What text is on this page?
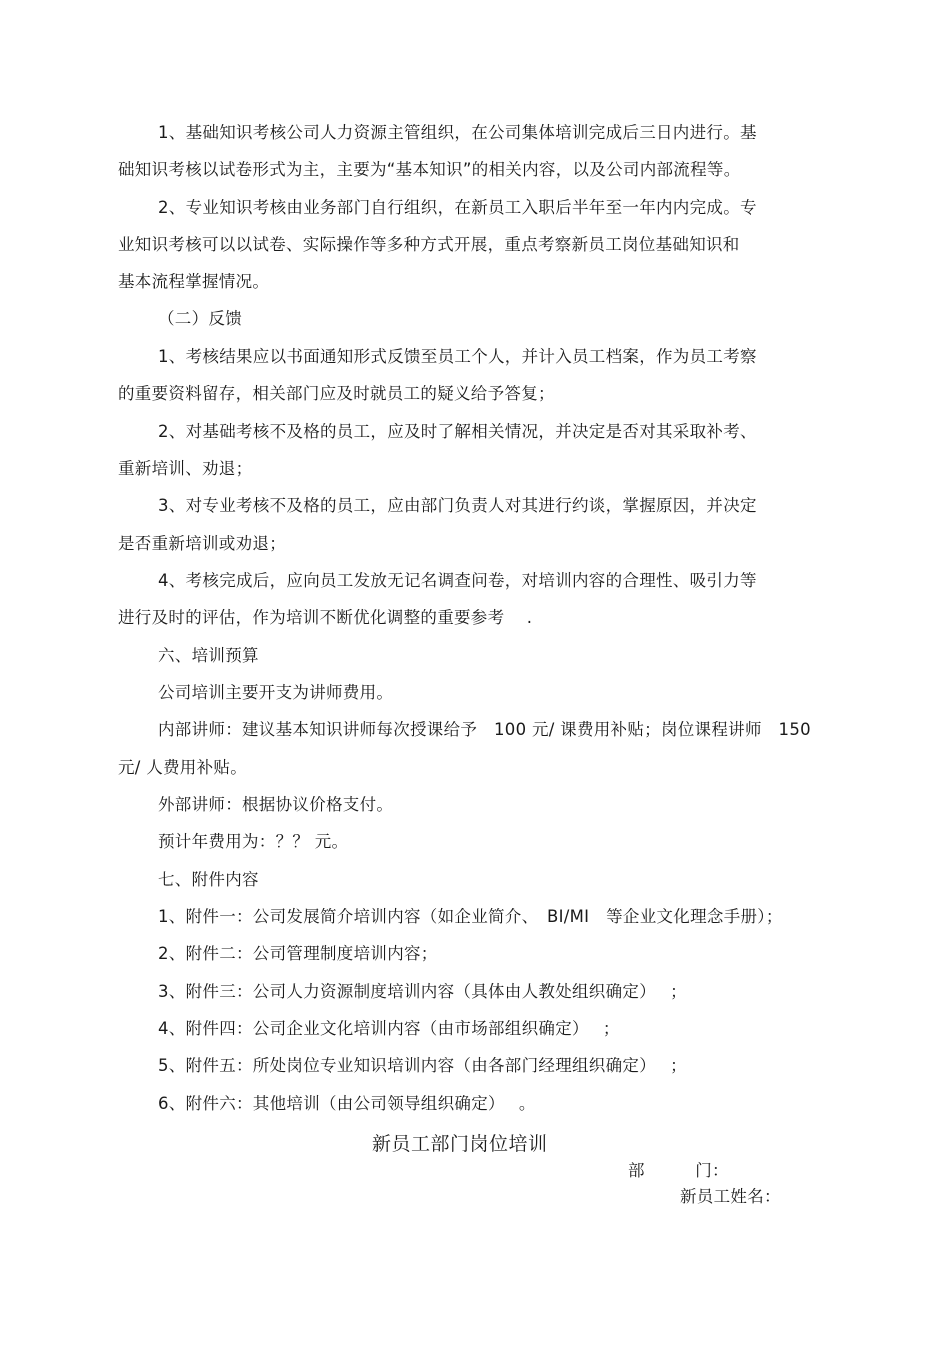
1、基础知识考核公司人力资源主管组织，在公司集体培训完成后三日内进行。基
础知识考核以试卷形式为主，主要为“基本知识”的相关内容，以及公司内部流程等。
2、专业知识考核由业务部门自行组织，在新员工入职后半年至一年内内完成。专
业知识考核可以以试卷、实际操作等多种方式开展，重点考察新员工岗位基础知识和
基本流程掌握情况。
（二）反馈
1、考核结果应以书面通知形式反馈至员工个人，并计入员工档案，作为员工考察
的重要资料留存，相关部门应及时就员工的疑义给予答复；
2、对基础考核不及格的员工，应及时了解相关情况，并决定是否对其采取补考、
重新培训、劝退；
3、对专业考核不及格的员工，应由部门负责人对其进行约谈，掌握原因，并决定
是否重新培训或劝退；
4、考核完成后，应向员工发放无记名调查问卷，对培训内容的合理性、吸引力等
进行及时的评估，作为培训不断优化调整的重要参考　 .
六、培训预算
公司培训主要开支为讲师费用。
内部讲师：建议基本知识讲师每次授课给予　100 元/ 课费用补贴；岗位课程讲师　150
元/ 人费用补贴。
外部讲师：根据协议价格支付。
预计年费用为：？？ 元。
七、附件内容
1、附件一：公司发展简介培训内容（如企业简介、　BI/MI　等企业文化理念手册）；
2、附件二：公司管理制度培训内容；
3、附件三：公司人力资源制度培训内容（具体由人教处组织确定）　 ；
4、附件四：公司企业文化培训内容（由市场部组织确定）　 ；
5、附件五：所处岗位专业知识培训内容（由各部门经理组织确定）　 ；
6、附件六：其他培训（由公司领导组织确定）　 。
新员工部门岗位培训
部　　　门：
新员工姓名：
